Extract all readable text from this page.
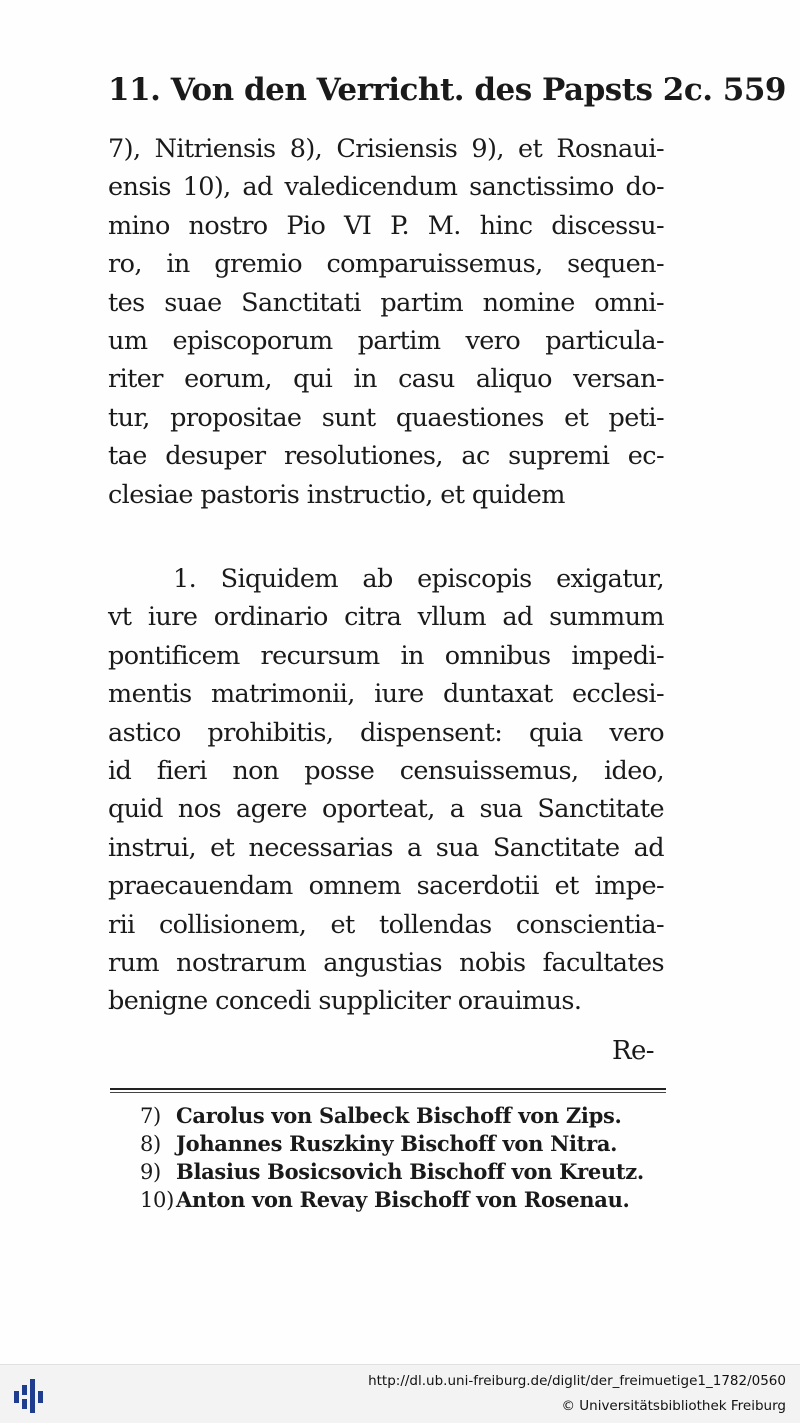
11. Von den Verricht. des Papsts 2c. 559
7), Nitriensis 8), Crisiensis 9), et Rosnaui-
ensis 10), ad valedicendum sanctissimo do-
mino nostro Pio VI P. M. hinc discessu-
ro, in gremio comparuissemus, sequen-
tes suae Sanctitati partim nomine omni-
um episcoporum partim vero particula-
riter eorum, qui in casu aliquo versan-
tur, propositae sunt quaestiones et peti-
tae desuper resolutiones, ac supremi ec-
clesiae pastoris instructio, et quidem
1. Siquidem ab episcopis exigatur,
vt iure ordinario citra vllum ad summum
pontificem recursum in omnibus impedi-
mentis matrimonii, iure duntaxat ecclesi-
astico prohibitis, dispensent: quia vero
id fieri non posse censuissemus, ideo,
quid nos agere oporteat, a sua Sanctitate
instrui, et necessarias a sua Sanctitate ad
praecauendam omnem sacerdotii et impe-
rii collisionem, et tollendas conscientia-
rum nostrarum angustias nobis facultates
benigne concedi suppliciter orauimus.
Re-
7) Carolus von Salbeck Bischoff von Zips.
8) Johannes Ruszkiny Bischoff von Nitra.
9) Blasius Bosicsovich Bischoff von Kreutz.
10)Anton von Revay Bischoff von Rosenau.
http://dl.ub.uni-freiburg.de/diglit/der_freimuetige1_1782/0560
© Universitätsbibliothek Freiburg
